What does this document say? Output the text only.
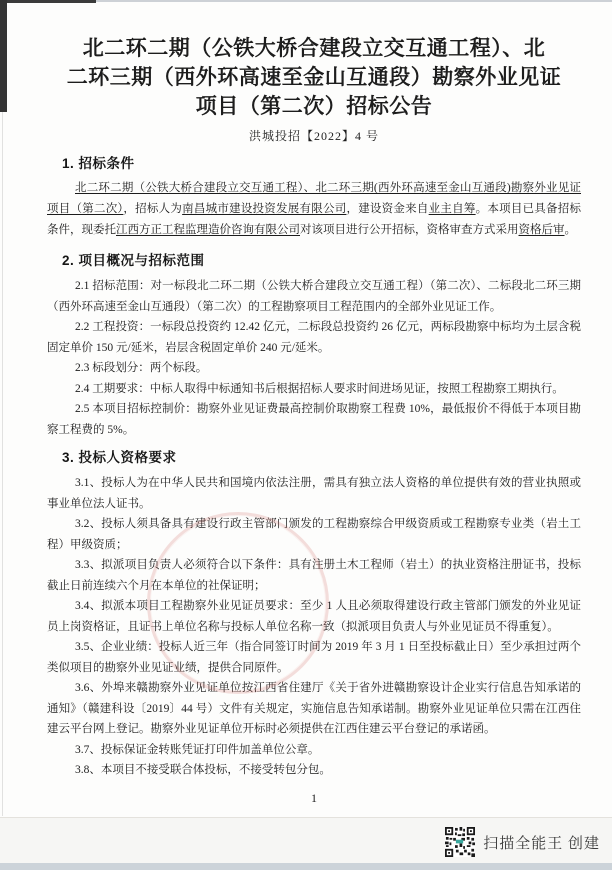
北二环二期（公铁大桥合建段立交互通工程）、北
二环三期（西外环高速至金山互通段）勘察外业见证
项目（第二次）招标公告
洪城投招【2022】4 号
1. 招标条件

北二环二期（公铁大桥合建段立交互通工程）、北二环三期(西外环高速至金山互通段)勘察外业见证项目（第二次），招标人为南昌城市建设投资发展有限公司，建设资金来自业主自筹。本项目已具备招标条件，现委托江西方正工程监理造价咨询有限公司对该项目进行公开招标，资格审查方式采用资格后审。

2. 项目概况与招标范围

2.1 招标范围：对一标段北二环二期（公铁大桥合建段立交互通工程）（第二次）、二标段北二环三期（西外环高速至金山互通段）（第二次）的工程勘察项目工程范围内的全部外业见证工作。

2.2 工程投资：一标段总投资约 12.42 亿元，二标段总投资约 26 亿元，两标段勘察中标均为土层含税固定单价 150 元/延米，岩层含税固定单价 240 元/延米。

2.3 标段划分：两个标段。

2.4 工期要求：中标人取得中标通知书后根据招标人要求时间进场见证，按照工程勘察工期执行。

2.5 本项目招标控制价：勘察外业见证费最高控制价取勘察工程费 10%，最低报价不得低于本项目勘察工程费的 5%。

3. 投标人资格要求

3.1、投标人为在中华人民共和国境内依法注册，需具有独立法人资格的单位提供有效的营业执照或事业单位法人证书。

3.2、投标人须具备具有建设行政主管部门颁发的工程勘察综合甲级资质或工程勘察专业类（岩土工程）甲级资质；

3.3、拟派项目负责人必须符合以下条件：具有注册土木工程师（岩土）的执业资格注册证书，投标截止日前连续六个月在本单位的社保证明；

3.4、拟派本项目工程勘察外业见证员要求：至少 1 人且必须取得建设行政主管部门颁发的外业见证员上岗资格证，且证书上单位名称与投标人单位名称一致（拟派项目负责人与外业见证员不得重复）。

3.5、企业业绩：投标人近三年（指合同签订时间为 2019 年 3 月 1 日至投标截止日）至少承担过两个类似项目的勘察外业见证业绩，提供合同原件。

3.6、外埠来赣勘察外业见证单位按江西省住建厅《关于省外进赣勘察设计企业实行信息告知承诺的通知》（赣建科设〔2019〕44 号）文件有关规定，实施信息告知承诺制。勘察外业见证单位只需在江西住建云平台网上登记。勘察外业见证单位开标时必须提供在江西住建云平台登记的承诺函。

3.7、投标保证金转账凭证打印件加盖单位公章。

3.8、本项目不接受联合体投标，不接受转包分包。

1
扫描全能王 创建
